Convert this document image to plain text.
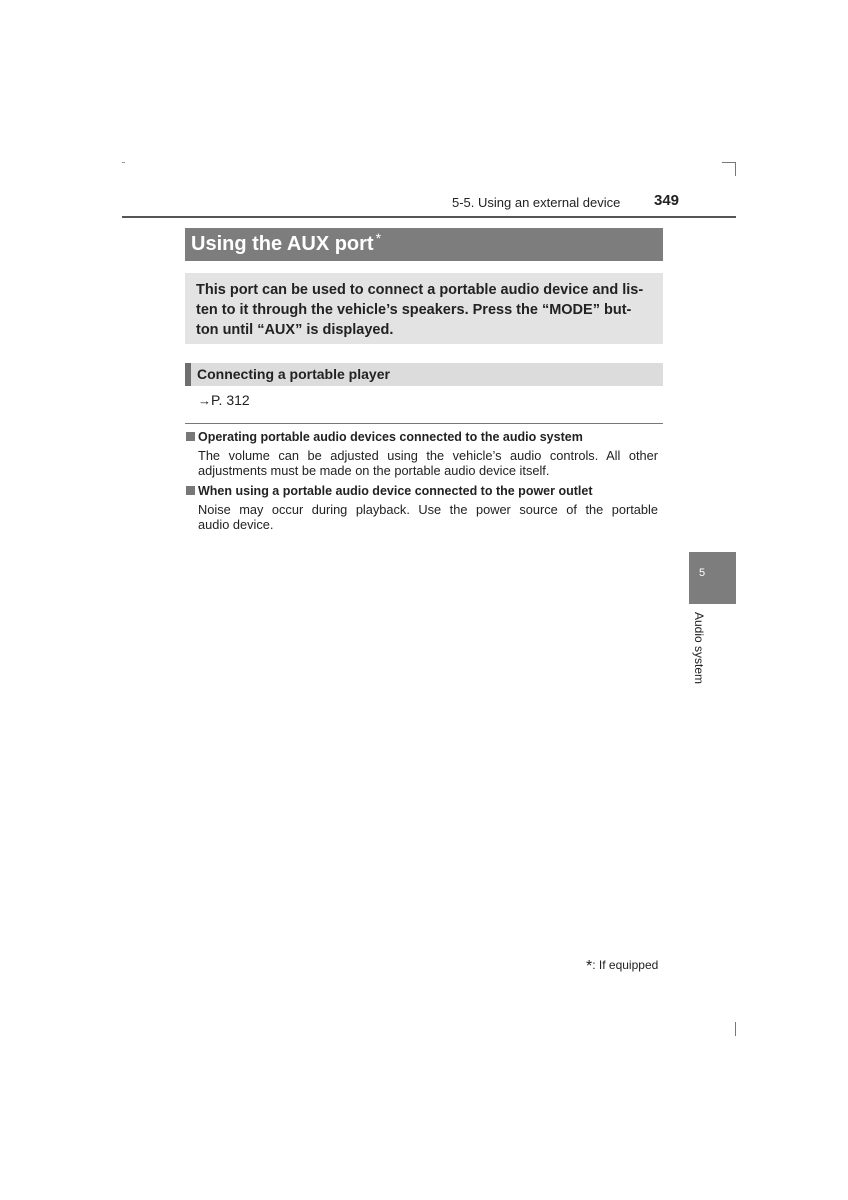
5-5. Using an external device 349
Using the AUX port *

This port can be used to connect a portable audio device and lis-

ten to it through the vehicle’s speakers. Press the “MODE” but-

ton until “AUX” is displayed.

Connecting a portable player
→P. 312
Operating portable audio devices connected to the audio system
The volume can be adjusted using the vehicle’s audio controls. All other
adjustments must be made on the portable audio device itself.
When using a portable audio device connected to the power outlet
Noise may occur during playback. Use the power source of the portable
audio device.
5
Audio system
*: If equipped
